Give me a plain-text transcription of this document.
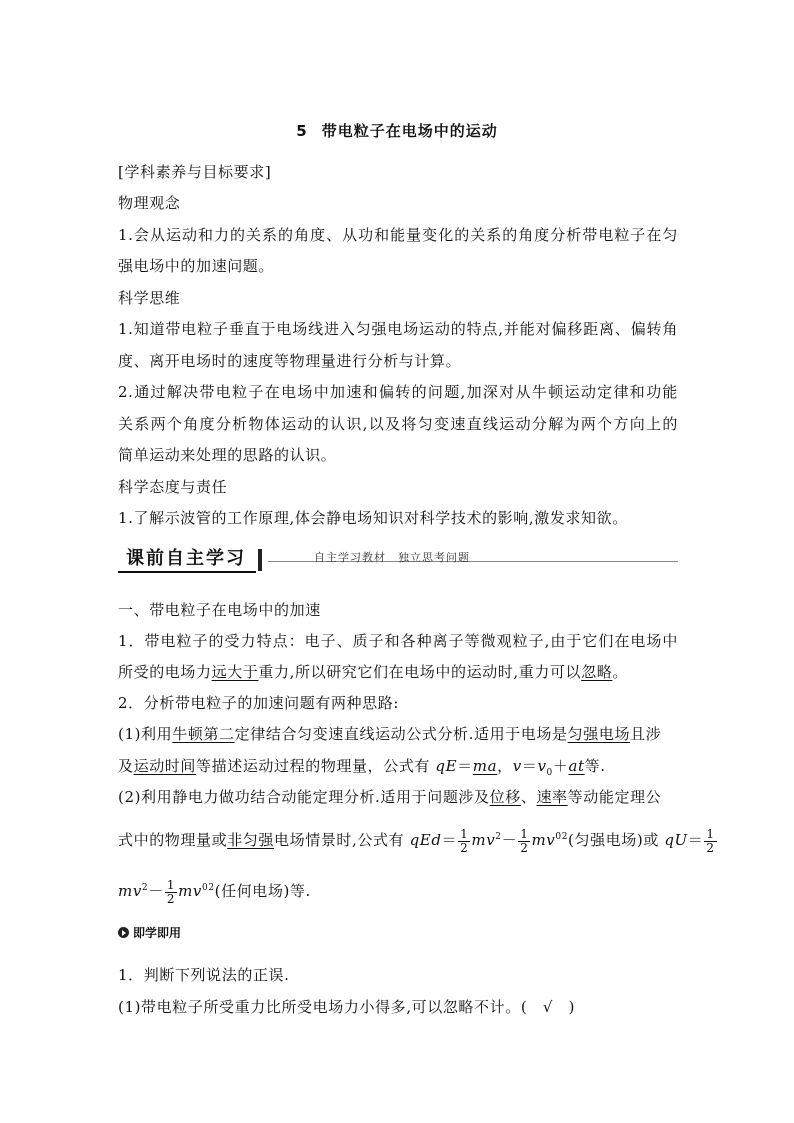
5 带电粒子在电场中的运动
[学科素养与目标要求]
物理观念
1.会从运动和力的关系的角度、从功和能量变化的关系的角度分析带电粒子在匀
强电场中的加速问题。
科学思维
1.知道带电粒子垂直于电场线进入匀强电场运动的特点,并能对偏移距离、偏转角
度、离开电场时的速度等物理量进行分析与计算。
2.通过解决带电粒子在电场中加速和偏转的问题,加深对从牛顿运动定律和功能
关系两个角度分析物体运动的认识,以及将匀变速直线运动分解为两个方向上的
简单运动来处理的思路的认识。
科学态度与责任
1.了解示波管的工作原理,体会静电场知识对科学技术的影响,激发求知欲。
课前自主学习	自主学习教材　独立思考问题
一、带电粒子在电场中的加速
1．带电粒子的受力特点：电子、质子和各种离子等微观粒子,由于它们在电场中
所受的电场力远大于重力,所以研究它们在电场中的运动时,重力可以忽略。
2．分析带电粒子的加速问题有两种思路:
(1)利用牛顿第二定律结合匀变速直线运动公式分析.适用于电场是匀强电场且涉
及运动时间等描述运动过程的物理量，公式有 qE＝ma，$v=v_0+at$等.
(2)利用静电力做功结合动能定理分析.适用于问题涉及位移、速率等动能定理公
式中的物理量或非匀强电场情景时,公式有 $qEd= \frac{1}{2} mv^2- \frac{1}{2} mv^{02}$(匀强电场)或 $qU= \frac{1}{2}$
$mv^2- \frac{1}{2} mv^{02}$(任何电场)等.
即学即用
1．判断下列说法的正误.
(1)带电粒子所受重力比所受电场力小得多,可以忽略不计。(　√　)
